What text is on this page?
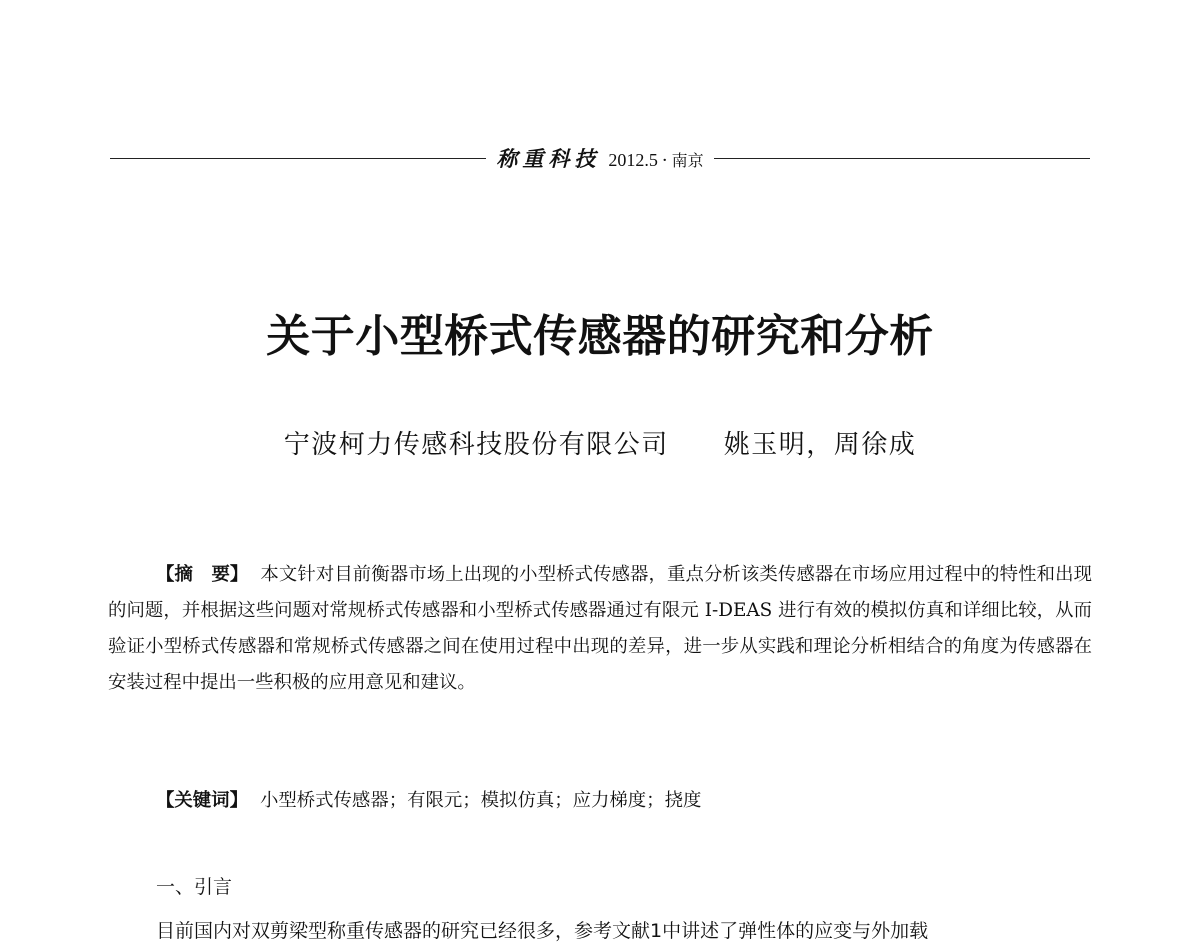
称重科技 2012.5 · 南京
关于小型桥式传感器的研究和分析
宁波柯力传感科技股份有限公司　　 姚玉明，周徐成

【摘　要】 本文针对目前衡器市场上出现的小型桥式传感器，重点分析该类传感器在市场应用过程中的特性和出现的问题，并根据这些问题对常规桥式传感器和小型桥式传感器通过有限元 I-DEAS 进行有效的模拟仿真和详细比较，从而验证小型桥式传感器和常规桥式传感器之间在使用过程中出现的差异，进一步从实践和理论分析相结合的角度为传感器在安装过程中提出一些积极的应用意见和建议。

【关键词】 小型桥式传感器；有限元；模拟仿真；应力梯度；挠度
一、引言

目前国内对双剪梁型称重传感器的研究已经很多，参考文献1中讲述了弹性体的应变与外加载
